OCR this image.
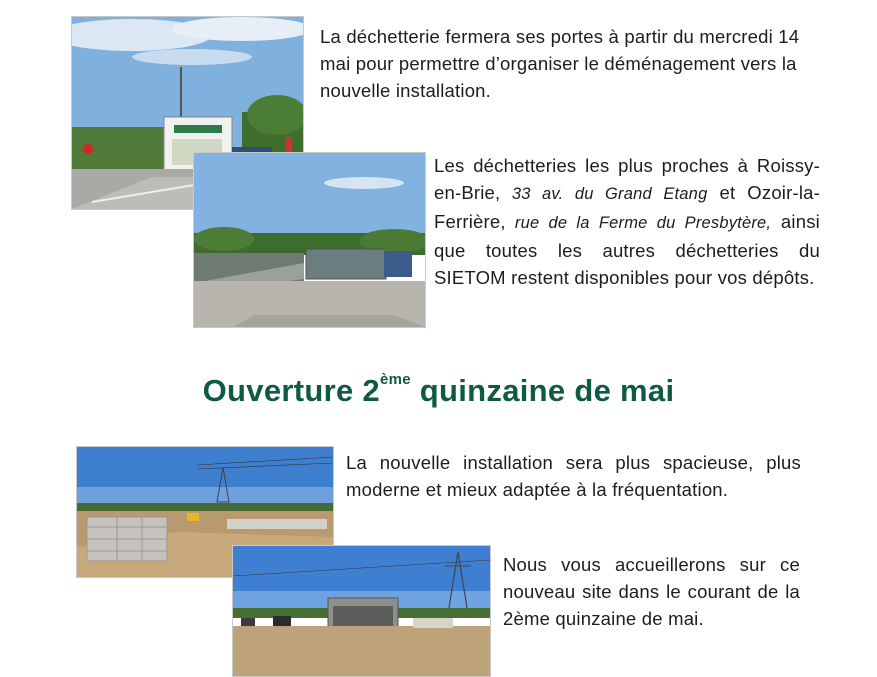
La déchetterie fermera ses portes à partir du mercredi 14 mai pour permettre d’organiser le déménagement vers la nouvelle installation.
Les déchetteries les plus proches à Roissy-en-Brie, 33 av. du Grand Etang et Ozoir-la-Ferrière, rue de la Ferme du Presbytère, ainsi que toutes les autres déchetteries du SIETOM restent disponibles pour vos dépôts.
Ouverture 2ème quinzaine de mai
La nouvelle installation sera plus spacieuse, plus moderne et mieux adaptée à la fréquentation.
Nous vous accueillerons sur ce nouveau site dans le courant de la 2ème quinzaine de mai.
